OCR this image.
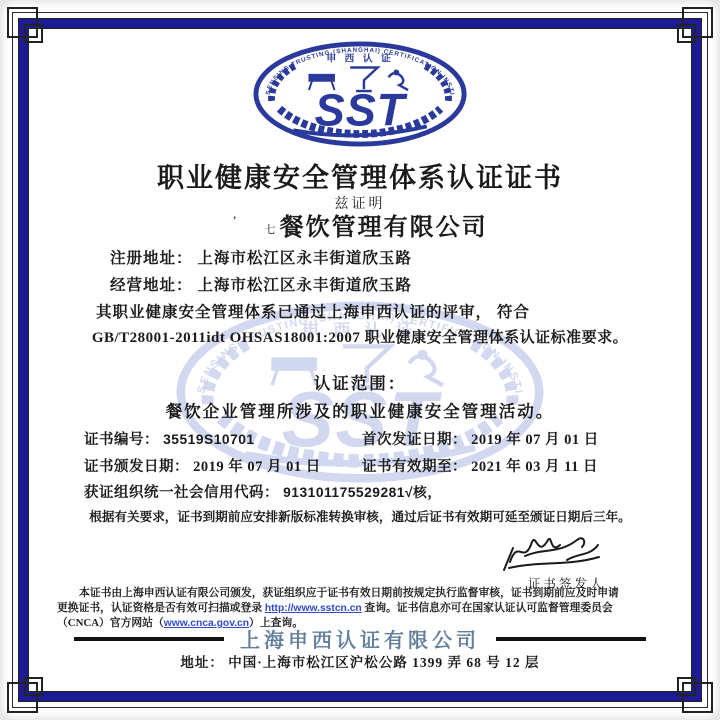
职业健康安全管理体系认证证书
兹证明
’七餐饮管理有限公司
注册地址： 上海市松江区永丰街道欣玉路
经营地址： 上海市松江区永丰街道欣玉路
其职业健康安全管理体系已通过上海申西认证的评审， 符合
GB/T28001-2011idt OHSAS18001:2007 职业健康安全管理体系认证标准要求。
认证范围：
餐饮企业管理所涉及的职业健康安全管理活动。
证书编号： 35519S10701	首次发证日期： 2019 年 07 月 01 日
证书颁发日期： 2019 年 07 月 01 日	证书有效期至： 2021 年 03 月 11 日
获证组织统一社会信用代码： 913101175529281√核，
根据有关要求，证书到期前应安排新版标准转换审核，通过后证书有效期可延至颁证日期后三年。
证书签发人
本证书由上海申西认证有限公司颁发，获证组织应于证书有效日期前按规定执行监督审核，证书到期前应及时申请
更换证书，认证资格是否有效可扫描或登录 http://www.sstcn.cn 查询。证书信息亦可在国家认证认可监督管理委员会
（CNCA）官方网站（www.cnca.gov.cn）上查询。
上海申西认证有限公司
地址： 中国·上海市松江区沪松公路 1399 弄 68 号 12 层
